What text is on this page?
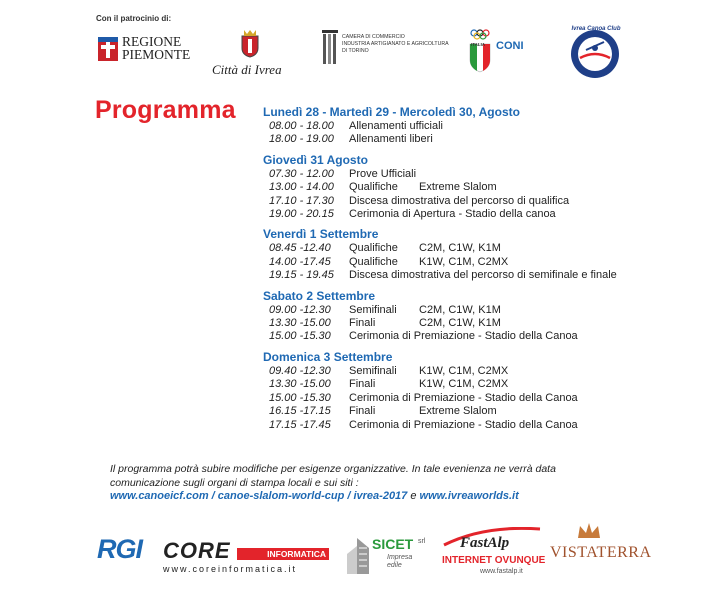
Con il patrocinio di:
REGIONE
PIEMONTE
Città di Ivrea
CAMERA DI COMMERCIO
INDUSTRIA ARTIGIANATO E AGRICOLTURA
DI TORINO
ITALIA CONI
Ivrea Canoa Club
Programma Lunedì 28 - Martedì 29 - Mercoledì 30, Agosto
08.00 - 18.00	Allenamenti ufficiali
18.00 - 19.00	Allenamenti liberi
Giovedì 31 Agosto
07.30 - 12.00	Prove Ufficiali
13.00 - 14.00	Qualifiche	Extreme Slalom
17.10 - 17.30	Discesa dimostrativa del percorso di qualifica
19.00 - 20.15	Cerimonia di Apertura - Stadio della canoa
Venerdì 1 Settembre
08.45 -12.40	Qualifiche	C2M, C1W, K1M
14.00 -17.45	Qualifiche	K1W, C1M, C2MX
19.15 - 19.45	Discesa dimostrativa del percorso di semifinale e finale
Sabato 2 Settembre
09.00 -12.30	Semifinali	C2M, C1W, K1M
13.30 -15.00	Finali	C2M, C1W, K1M
15.00 -15.30	Cerimonia di Premiazione - Stadio della Canoa
Domenica 3 Settembre
09.40 -12.30	Semifinali	K1W, C1M, C2MX
13.30 -15.00	Finali	K1W, C1M, C2MX
15.00 -15.30	Cerimonia di Premiazione - Stadio della Canoa
16.15 -17.15	Finali	Extreme Slalom
17.15 -17.45	Cerimonia di Premiazione - Stadio della Canoa
Il programma potrà subire modifiche per esigenze organizzative. In tale evenienza ne verrà data
comunicazione sugli organi di stampa locali e sui siti :
www.canoeicf.com / canoe-slalom-world-cup / ivrea-2017 e www.ivreaworlds.it
RGI CORE	INFORMATICA
www.coreinformatica.it
SICET srl
Impresa edile
FastAlp
INTERNET OVUNQUE
www.fastalp.it
VISTATERRA
